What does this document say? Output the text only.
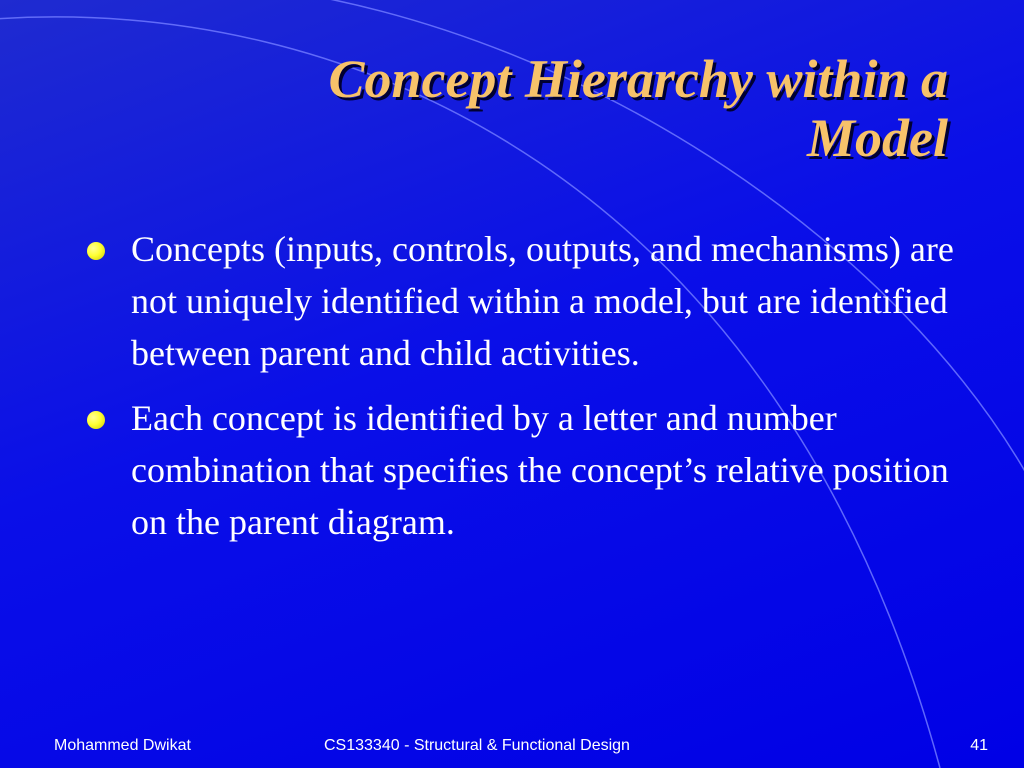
Concept Hierarchy within a
Model
Concepts (inputs, controls, outputs, and mechanisms) are not uniquely identified within a model, but are identified between parent and child activities.
Each concept is identified by a letter and number combination that specifies the concept’s relative position on the parent diagram.
Mohammed Dwikat	CS133340 - Structural & Functional Design	41
